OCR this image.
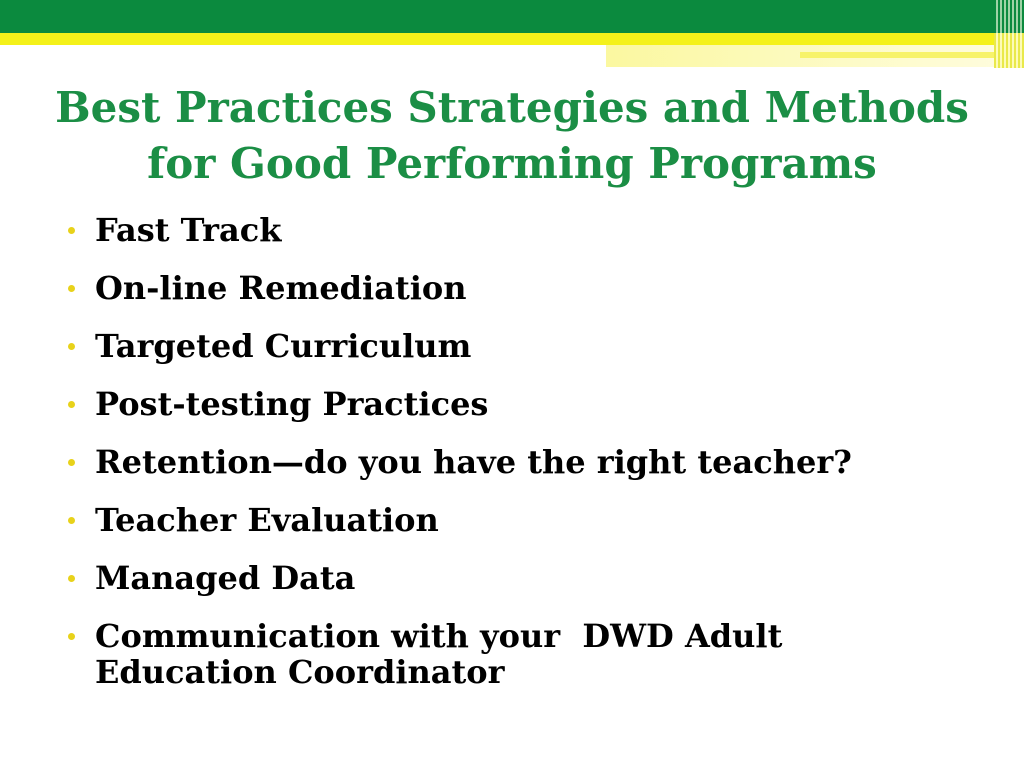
Best Practices Strategies and Methods
for Good Performing Programs
Fast Track
On-line Remediation
Targeted Curriculum
Post-testing Practices
Retention—do you have the right teacher?
Teacher Evaluation
Managed Data
Communication with your  DWD Adult Education Coordinator
